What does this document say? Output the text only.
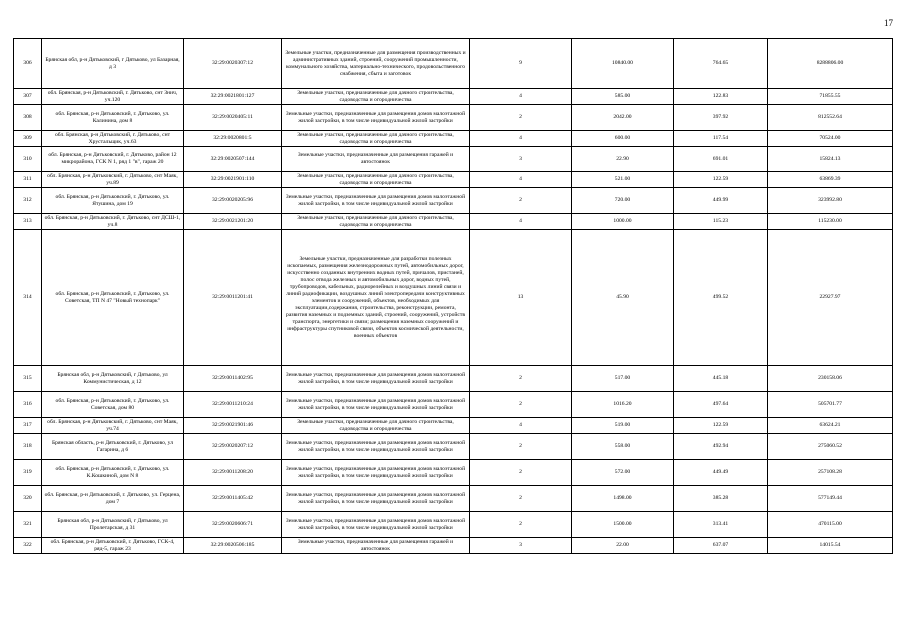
17
306	Брянская обл, р-н Дятьковский, г Дятьково, ул Базарная, д 3	32:29:0020307:12	Земельные участки, предназначенные для размещения производственных и административных зданий, строений, сооружений промышленности, коммунального хозяйства, материально-технического, продовольственного снабжения, сбыта и заготовок	9	10840.00	764.65	8288806.00
307	обл. Брянская, р-н Дятьковский, г. Дятьково, снт Знич, уч.120	32:29:0021801:127	Земельные участки, предназначенные для дачного строительства, садоводства и огородничества	4	585.00	122.83	71855.55
308	обл. Брянская, р-н Дятьковский, г. Дятьково, ул. Калинина, дом 8	32:29:0020405:11	Земельные участки, предназначенные для размещения домов малоэтажной жилой застройки, в том числе индивидуальной жилой застройки	2	2042.00	397.92	812552.64
309	обл. Брянская, р-н Дятьковский, г. Дятьково, снт Хрустальщик, уч.63	32:29:0020801:5	Земельные участки, предназначенные для дачного строительства, садоводства и огородничества	4	600.00	117.54	70524.00
310	обл. Брянская, р-н Дятьковский, г. Дятьково, район 12 микрорайона, ГСК N 1, ряд 1 "в", гараж 20	32:29:0020507:144	Земельные участки, предназначенные для размещения гаражей и автостоянок	3	22.90	691.01	15824.13
311	обл. Брянская, р-н Дятьковский, г. Дятьково, снт Маяк, уч.89	32:29:0021901:110	Земельные участки, предназначенные для дачного строительства, садоводства и огородничества	4	521.00	122.59	63869.39
312	обл. Брянская, р-н Дятьковский, г. Дятьково, ул. Ятушина, дом 19	32:29:0020205:96	Земельные участки, предназначенные для размещения домов малоэтажной жилой застройки, в том числе индивидуальной жилой застройки	2	720.00	449.99	323992.80
313	обл. Брянская, р-н Дятьковский, г. Дятьково, снт ДСШ-1, уч.8	32:29:0021201:20	Земельные участки, предназначенные для дачного строительства, садоводства и огородничества	4	1000.00	115.23	115230.00
314	обл. Брянская, р-н Дятьковский, г. Дятьково, ул. Советская, ТП N 47 "Новый технопарк"	32:29:0011201:41	Земельные участки, предназначенные для разработки полезных ископаемых, размещения железнодорожных путей, автомобильных дорог, искусственно созданных внутренних водных путей, причалов, пристаней, полос отвода железных и автомобильных дорог, водных путей, трубопроводов, кабельных, радиорелейных и воздушных линий связи и линий радиофикации, воздушных линий электропередачи конструктивных элементов и сооружений, объектов, необходимых для эксплуатации,содержания, строительства, реконструкции, ремонта, развития наземных и подземных зданий, строений, сооружений, устройств транспорта, энергетики и связи; размещения наземных сооружений и инфраструктуры спутниковой связи, объектов космической деятельности, военных объектов	13	45.90	499.52	22927.97
315	Брянская обл, р-н Дятьковский, г Дятьково, ул Коммунистическая, д 12	32:29:0011402:95	Земельные участки, предназначенные для размещения домов малоэтажной жилой застройки, в том числе индивидуальной жилой застройки	2	517.00	445.18	230158.06
316	обл. Брянская, р-н Дятьковский, г. Дятьково, ул. Советская, дом 80	32:29:0011210:24	Земельные участки, предназначенные для размещения домов малоэтажной жилой застройки, в том числе индивидуальной жилой застройки	2	1016.20	497.64	505701.77
317	обл. Брянская, р-н Дятьковский, г. Дятьково, снт Маяк, уч.74	32:29:0021901:46	Земельные участки, предназначенные для дачного строительства, садоводства и огородничества	4	519.00	122.59	63624.21
318	Брянская область, р-н Дятьковский, г. Дятьково, ул Гагарина, д 6	32:29:0020207:12	Земельные участки, предназначенные для размещения домов малоэтажной жилой застройки, в том числе индивидуальной жилой застройки	2	558.00	492.94	275060.52
319	обл. Брянская, р-н Дятьковский, г. Дятьково, ул. К.Кошкиной, дом N 8	32:29:0011208:20	Земельные участки, предназначенные для размещения домов малоэтажной жилой застройки, в том числе индивидуальной жилой застройки	2	572.00	449.49	257108.28
320	обл. Брянская, р-н Дятьковский, г. Дятьково, ул. Герцена, дом 7	32:29:0011405:42	Земельные участки, предназначенные для размещения домов малоэтажной жилой застройки, в том числе индивидуальной жилой застройки	2	1498.00	385.28	577149.44
321	Брянская обл, р-н Дятьковский, г Дятьково, ул Пролетарская, д 31	32:29:0020606:71	Земельные участки, предназначенные для размещения домов малоэтажной жилой застройки, в том числе индивидуальной жилой застройки	2	1500.00	313.41	470115.00
322	обл. Брянская, р-н Дятьковский, г. Дятьково, ГСК-4, ряд-5, гараж 23	32:29:0020506:185	Земельные участки, предназначенные для размещения гаражей и автостоянок	3	22.00	637.07	14015.54
